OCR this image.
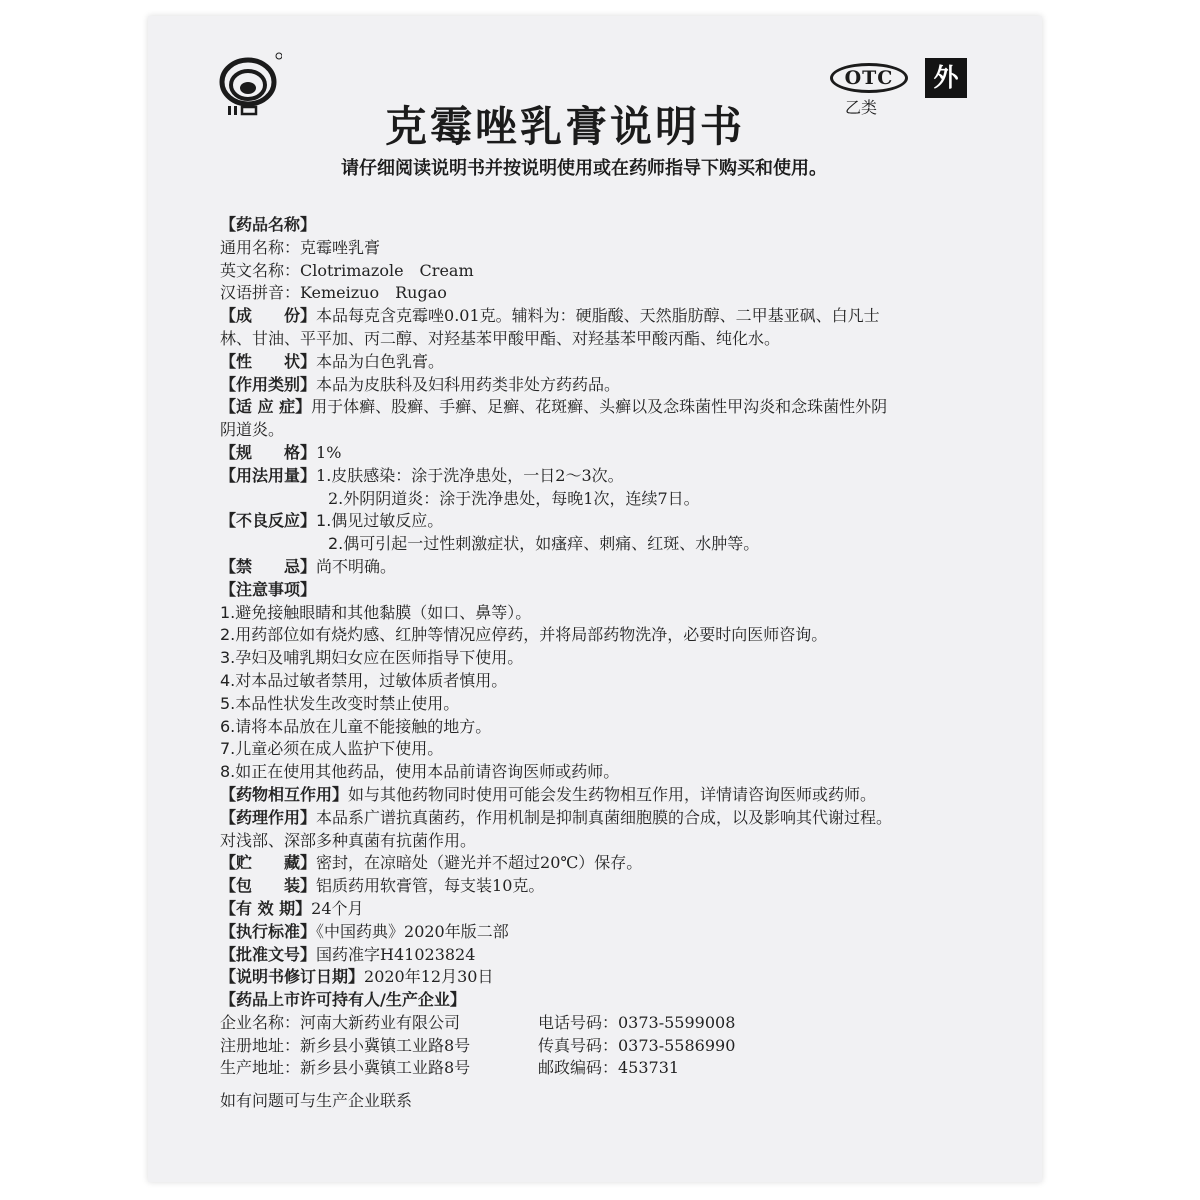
OTC
乙类
外
克霉唑乳膏说明书
请仔细阅读说明书并按说明使用或在药师指导下购买和使用。
【药品名称】
通用名称：克霉唑乳膏
英文名称：Clotrimazole　Cream
汉语拼音：Kemeizuo　Rugao
【成　　份】本品每克含克霉唑0.01克。辅料为：硬脂酸、天然脂肪醇、二甲基亚砜、白凡士
林、甘油、平平加、丙二醇、对羟基苯甲酸甲酯、对羟基苯甲酸丙酯、纯化水。
【性　　状】本品为白色乳膏。
【作用类别】本品为皮肤科及妇科用药类非处方药药品。
【适 应 症】用于体癣、股癣、手癣、足癣、花斑癣、头癣以及念珠菌性甲沟炎和念珠菌性外阴
阴道炎。
【规　　格】1%
【用法用量】1.皮肤感染：涂于洗净患处，一日2～3次。
2.外阴阴道炎：涂于洗净患处，每晚1次，连续7日。
【不良反应】1.偶见过敏反应。
2.偶可引起一过性刺激症状，如瘙痒、刺痛、红斑、水肿等。
【禁　　忌】尚不明确。
【注意事项】
1.避免接触眼睛和其他黏膜（如口、鼻等）。
2.用药部位如有烧灼感、红肿等情况应停药，并将局部药物洗净，必要时向医师咨询。
3.孕妇及哺乳期妇女应在医师指导下使用。
4.对本品过敏者禁用，过敏体质者慎用。
5.本品性状发生改变时禁止使用。
6.请将本品放在儿童不能接触的地方。
7.儿童必须在成人监护下使用。
8.如正在使用其他药品，使用本品前请咨询医师或药师。
【药物相互作用】如与其他药物同时使用可能会发生药物相互作用，详情请咨询医师或药师。
【药理作用】本品系广谱抗真菌药，作用机制是抑制真菌细胞膜的合成，以及影响其代谢过程。
对浅部、深部多种真菌有抗菌作用。
【贮　　藏】密封，在凉暗处（避光并不超过20℃）保存。
【包　　装】铝质药用软膏管，每支装10克。
【有 效 期】24个月
【执行标准】《中国药典》2020年版二部
【批准文号】国药准字H41023824
【说明书修订日期】2020年12月30日
【药品上市许可持有人/生产企业】
企业名称：河南大新药业有限公司	电话号码：0373-5599008
注册地址：新乡县小冀镇工业路8号	传真号码：0373-5586990
生产地址：新乡县小冀镇工业路8号	邮政编码：453731
如有问题可与生产企业联系
